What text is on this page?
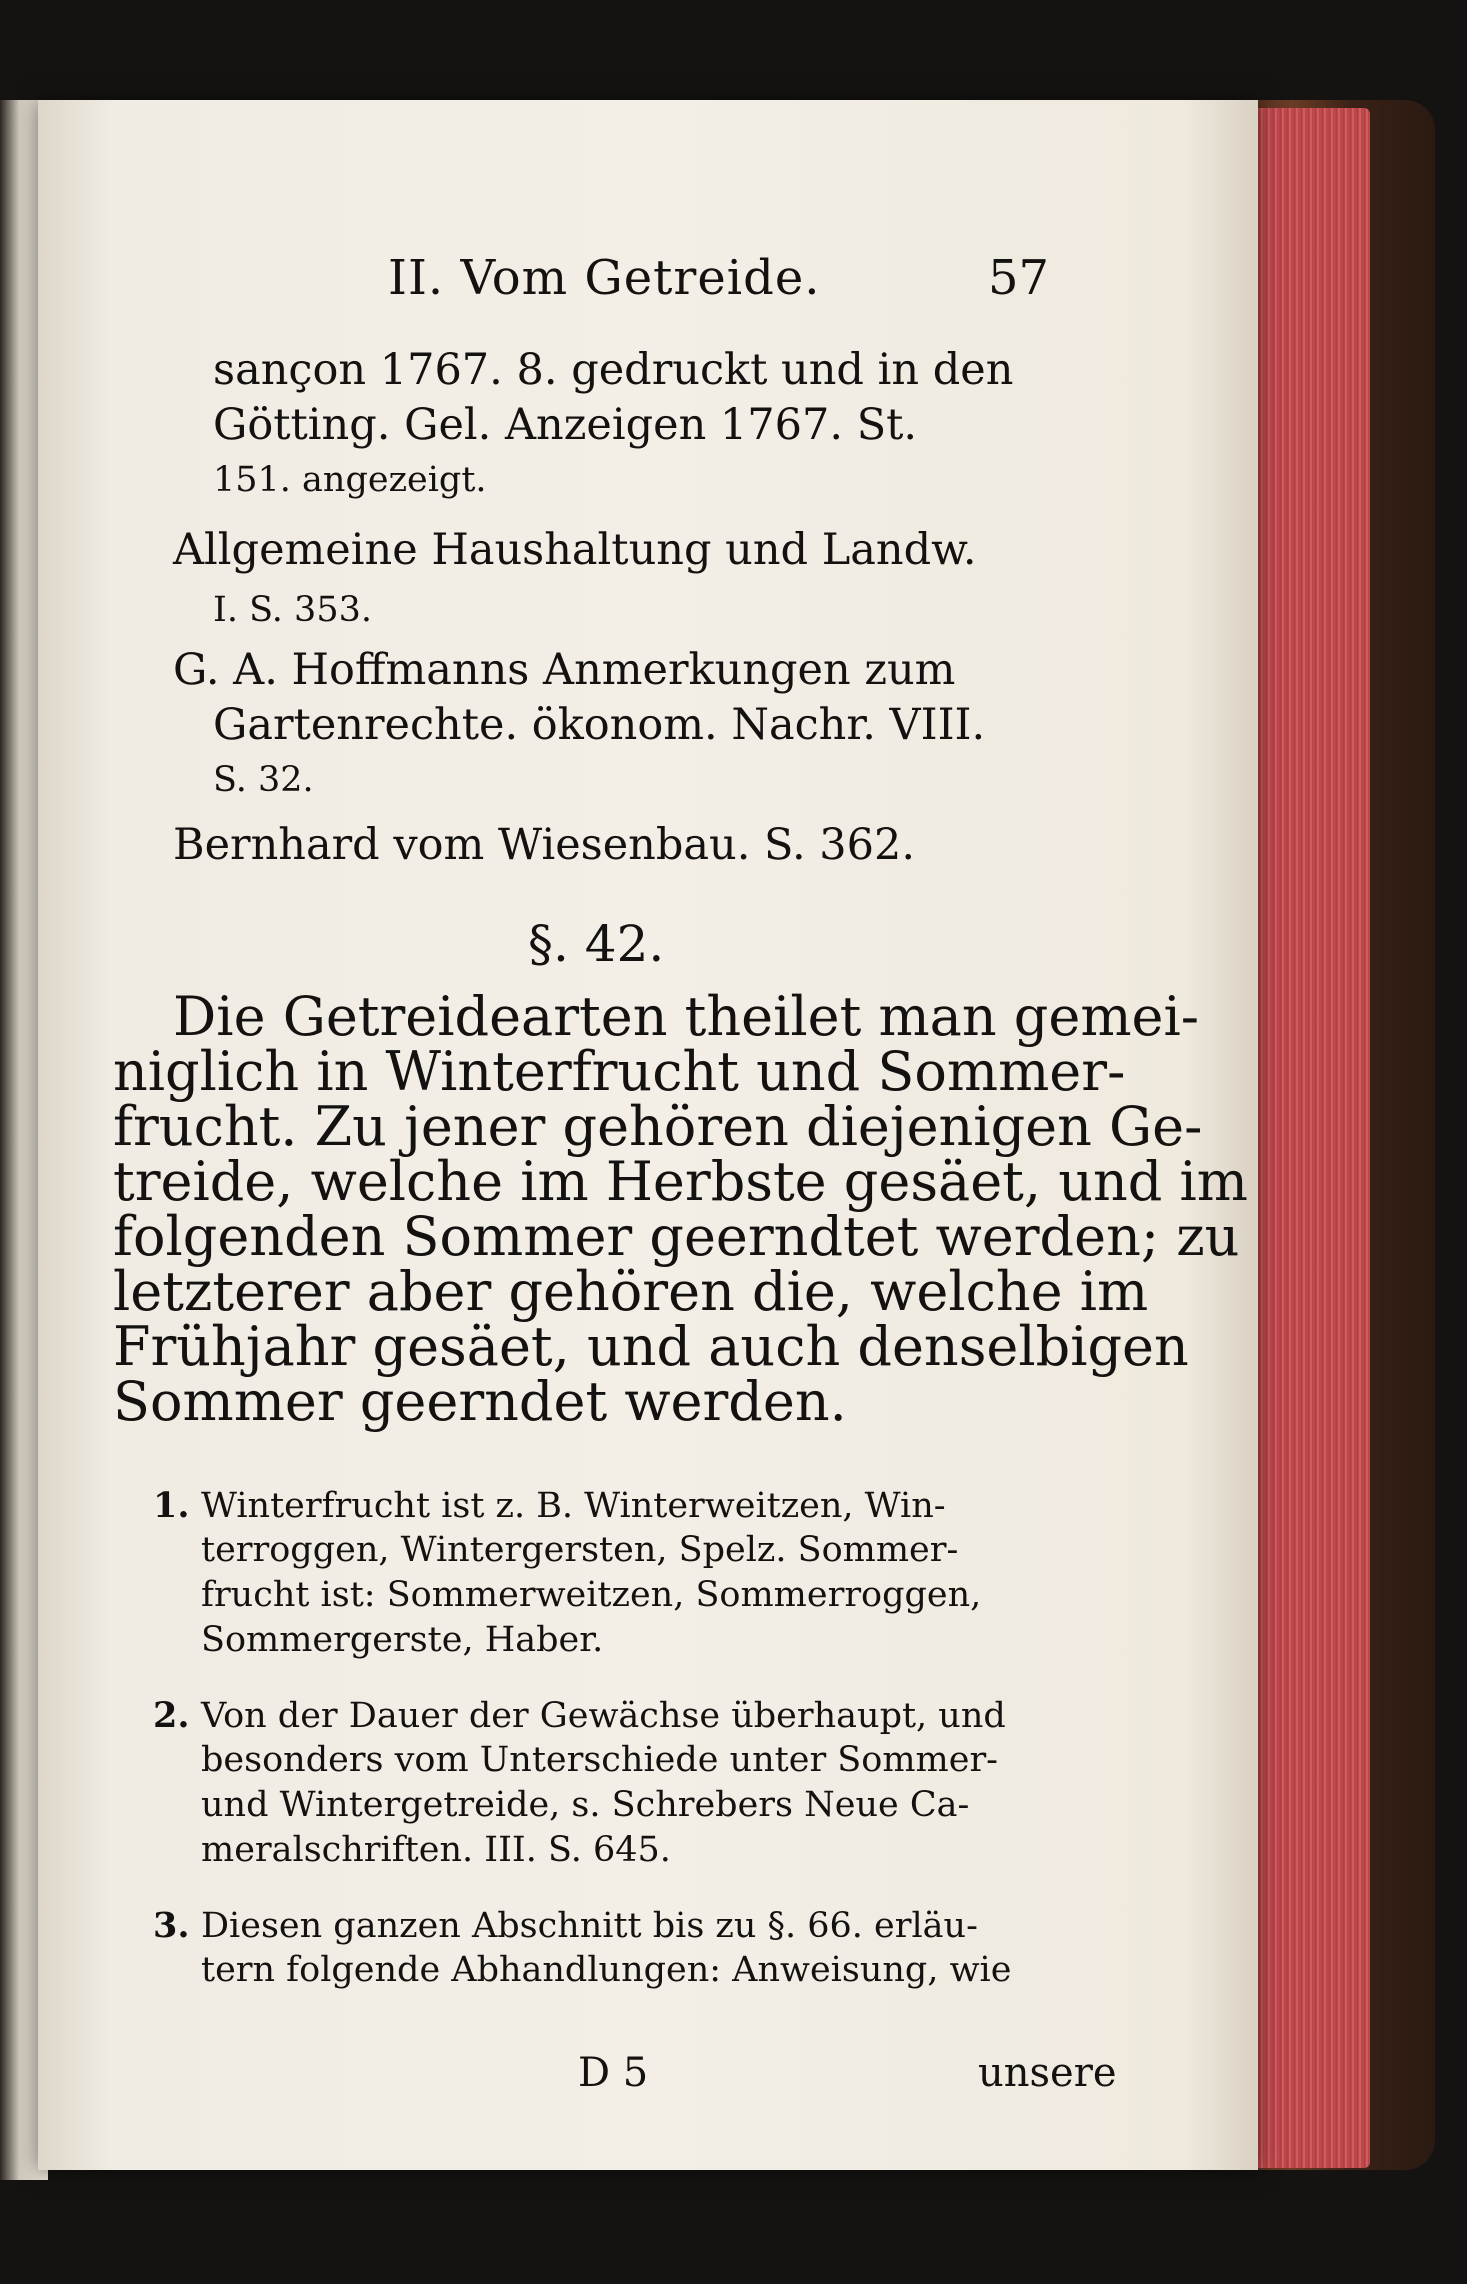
II. Vom Getreide.	57
sançon 1767. 8. gedruckt und in den
Götting. Gel. Anzeigen 1767. St.
151. angezeigt.
Allgemeine Haushaltung und Landw.
I. S. 353.
G. A. Hoffmanns Anmerkungen zum
Gartenrechte. ökonom. Nachr. VIII.
S. 32.
Bernhard vom Wiesenbau. S. 362.
§. 42.
Die Getreidearten theilet man gemei-
niglich in Winterfrucht und Sommer-
frucht. Zu jener gehören diejenigen Ge-
treide, welche im Herbste gesäet, und im
folgenden Sommer geerndtet werden; zu
letzterer aber gehören die, welche im
Frühjahr gesäet, und auch denselbigen
Sommer geerndet werden.
1. Winterfrucht ist z. B. Winterweitzen, Win-
terroggen, Wintergersten, Spelz. Sommer-
frucht ist: Sommerweitzen, Sommerroggen,
Sommergerste, Haber.
2. Von der Dauer der Gewächse überhaupt, und
besonders vom Unterschiede unter Sommer-
und Wintergetreide, s. Schrebers Neue Ca-
meralschriften. III. S. 645.
3. Diesen ganzen Abschnitt bis zu §. 66. erläu-
tern folgende Abhandlungen: Anweisung, wie
D 5	unsere
